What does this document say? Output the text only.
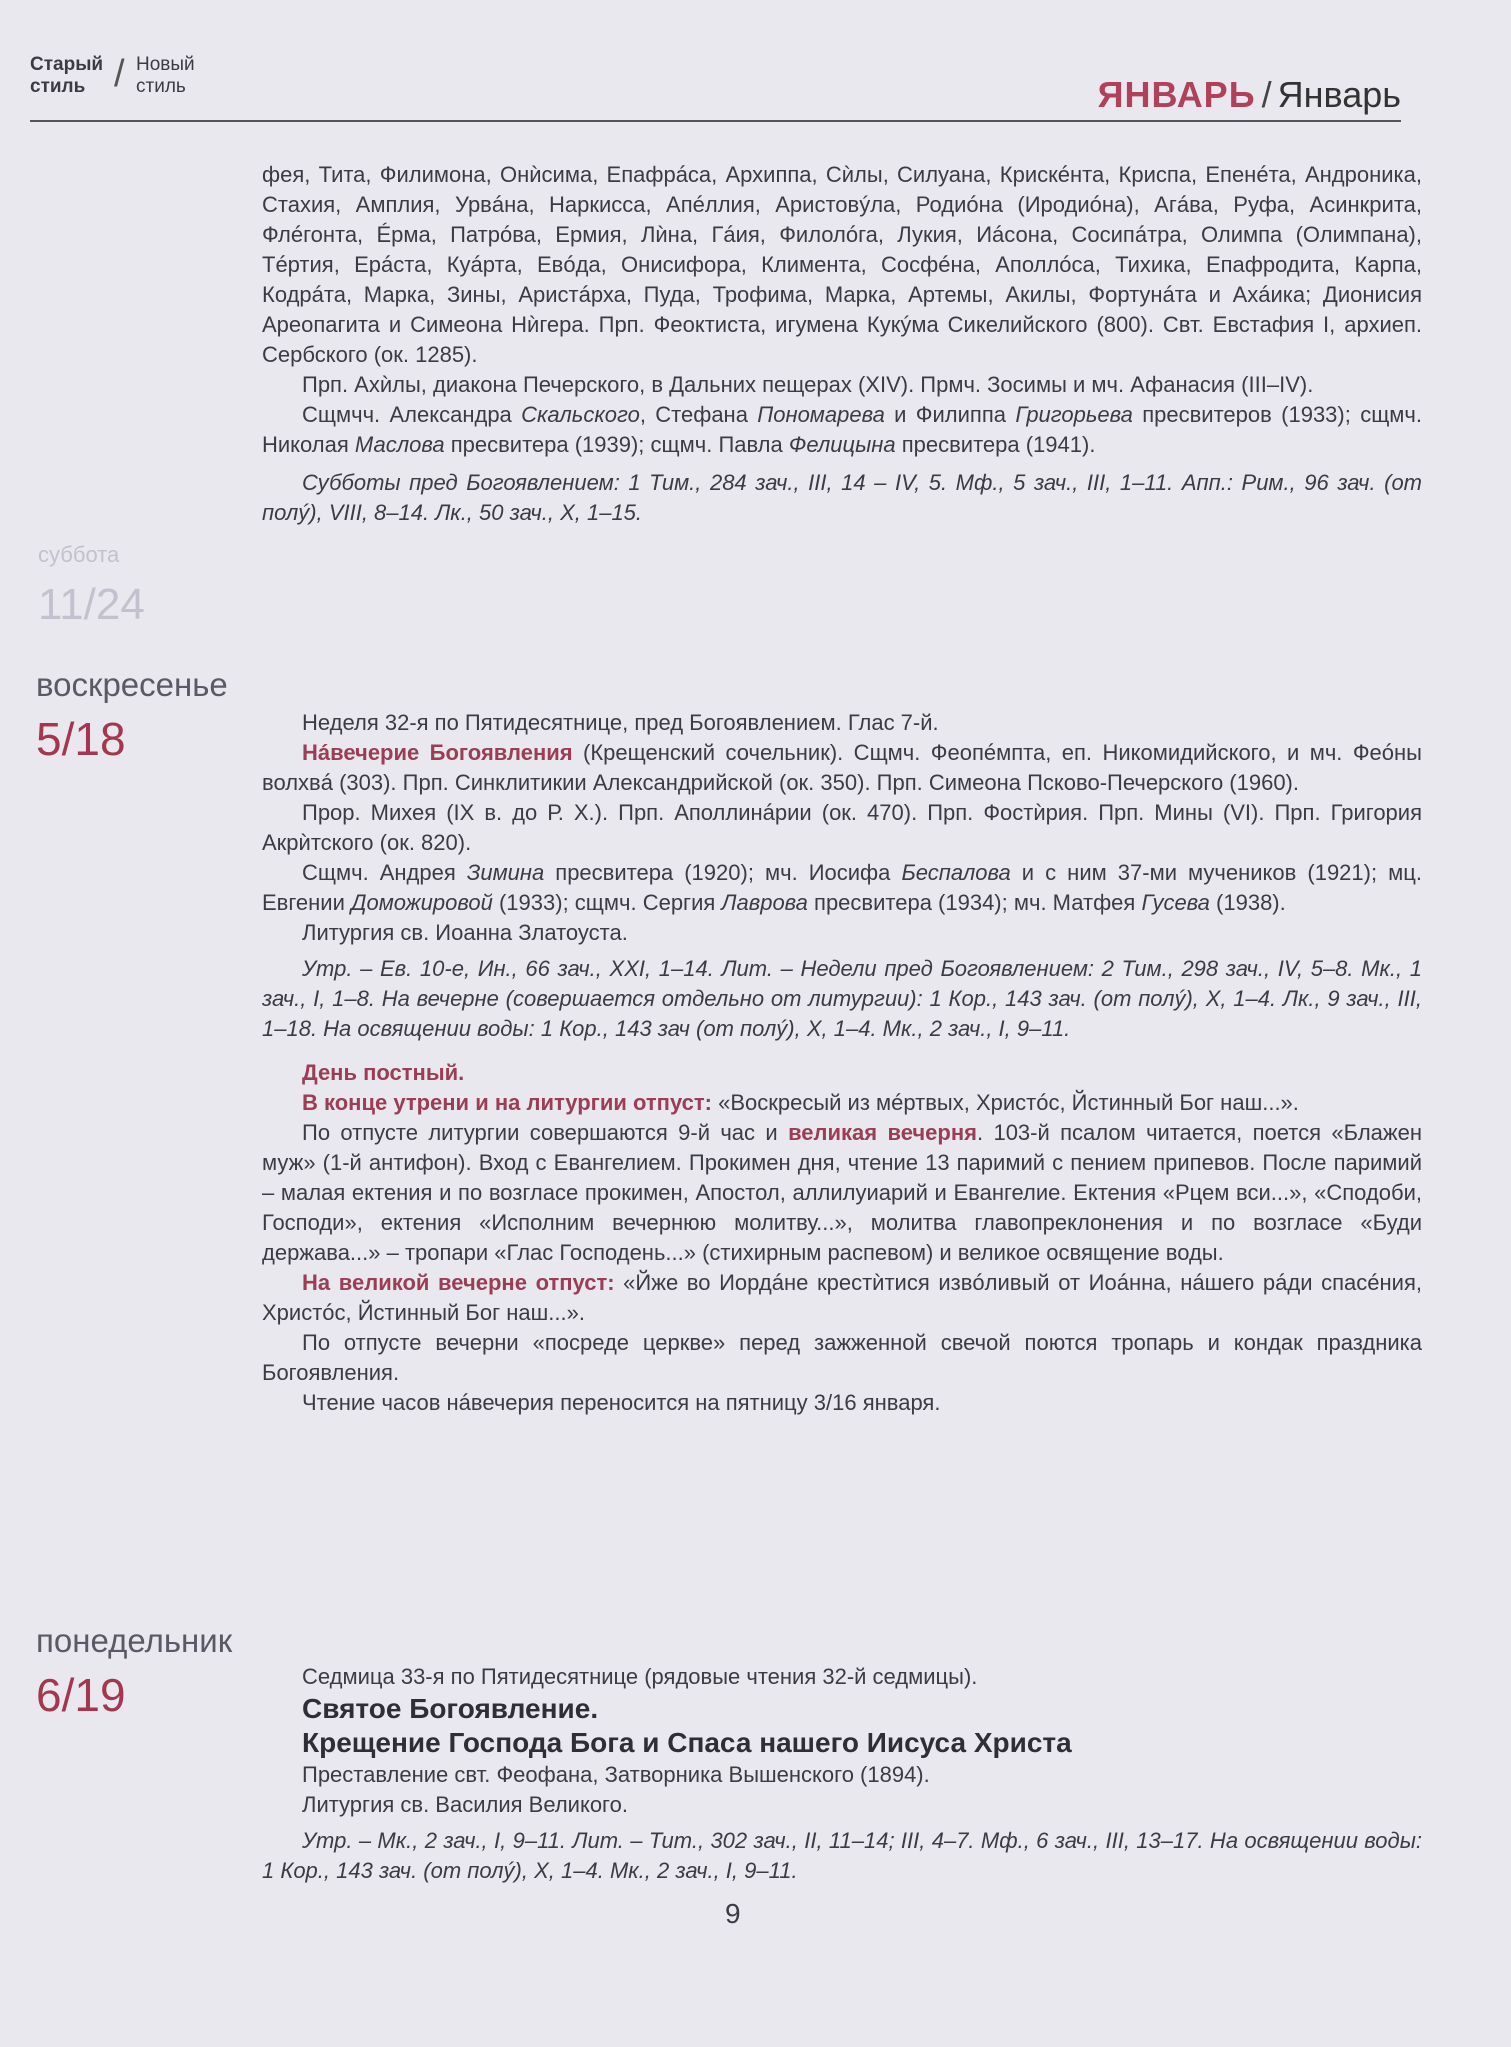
Старый стиль / Новый стиль	ЯНВАРЬ / Январь
суббота
11/24

фея, Тита, Филимона, Онѝсима, Епафрáса, Архиппа, Сѝлы, Силуана, Крискéнта, Криспа, Епенéта, Андроника, Стахия, Амплия, Урвáна, Наркисса, Апéллия, Аристовýла, Родиóна (Иродиóна), Агáва, Руфа, Асинкрита, Флéгонта, Éрма, Патрóва, Ермия, Лѝна, Гáия, Филолóга, Лукия, Иáсона, Сосипáтра, Олимпа (Олимпана), Тéртия, Ерáста, Куáрта, Евóда, Онисифора, Климента, Сосфéна, Аполлóса, Тихика, Епафродита, Карпа, Кодрáта, Марка, Зины, Аристáрха, Пуда, Трофима, Марка, Артемы, Акилы, Фортунáта и Ахáика; Дионисия Ареопагита и Симеона Нѝгера. Прп. Феоктиста, игумена Кукýма Сикелийского (800). Свт. Евстафия I, архиеп. Сербского (ок. 1285).

Прп. Ахѝлы, диакона Печерского, в Дальних пещерах (XIV). Прмч. Зосимы и мч. Афанасия (III–IV).

Сщмчч. Александра Скальского, Стефана Пономарева и Филиппа Григорьева пресвитеров (1933); сщмч. Николая Маслова пресвитера (1939); сщмч. Павла Фелицына пресвитера (1941).

Субботы пред Богоявлением: 1 Тим., 284 зач., III, 14 – IV, 5. Мф., 5 зач., III, 1–11. Апп.: Рим., 96 зач. (от полý), VIII, 8–14. Лк., 50 зач., X, 1–15.

воскресенье
5/18	Неделя 32-я по Пятидесятнице, пред Богоявлением. Глас 7-й.

Нáвечерие Богоявления (Крещенский сочельник). Сщмч. Феопéмпта, еп. Никомидийского, и мч. Феóны волхвá (303). Прп. Синклитикии Александрийской (ок. 350). Прп. Симеона Псково-Печерского (1960).

Прор. Михея (IX в. до Р. Х.). Прп. Аполлинáрии (ок. 470). Прп. Фостѝрия. Прп. Мины (VI). Прп. Григория Акрѝтского (ок. 820).

Сщмч. Андрея Зимина пресвитера (1920); мч. Иосифа Беспалова и с ним 37-ми мучеников (1921); мц. Евгении Доможировой (1933); сщмч. Сергия Лаврова пресвитера (1934); мч. Матфея Гусева (1938).

Литургия св. Иоанна Златоуста.

Утр. – Ев. 10-е, Ин., 66 зач., XXI, 1–14. Лит. – Недели пред Богоявлением: 2 Тим., 298 зач., IV, 5–8. Мк., 1 зач., I, 1–8. На вечерне (совершается отдельно от литургии): 1 Кор., 143 зач. (от полý), X, 1–4. Лк., 9 зач., III, 1–18. На освящении воды: 1 Кор., 143 зач (от полý), X, 1–4. Мк., 2 зач., I, 9–11.

День постный.

В конце утрени и на литургии отпуст: «Воскресый из мéртвых, Христóс, Йстинный Бог наш...».

По отпусте литургии совершаются 9-й час и великая вечерня. 103-й псалом читается, поется «Блажен муж» (1-й антифон). Вход с Евангелием. Прокимен дня, чтение 13 паримий с пением припевов. После паримий – малая ектения и по возгласе прокимен, Апостол, аллилуиарий и Евангелие. Ектения «Рцем вси...», «Сподоби, Господи», ектения «Исполним вечернюю молитву...», молитва главопреклонения и по возгласе «Буди держава...» – тропари «Глас Господень...» (стихирным распевом) и великое освящение воды.

На великой вечерне отпуст: «Йже во Иордáне крестѝтися извóливый от Иоáнна, нáшего рáди спасéния, Христóс, Йстинный Бог наш...».

По отпусте вечерни «посреде церкве» перед зажженной свечой поются тропарь и кондак праздника Богоявления.

Чтение часов нáвечерия переносится на пятницу 3/16 января.

понедельник
6/19	Седмица 33-я по Пятидесятнице (рядовые чтения 32-й седмицы).

Святое Богоявление.

Крещение Господа Бога и Спаса нашего Иисуса Христа

Преставление свт. Феофана, Затворника Вышенского (1894).

Литургия св. Василия Великого.

Утр. – Мк., 2 зач., I, 9–11. Лит. – Тит., 302 зач., II, 11–14; III, 4–7. Мф., 6 зач., III, 13–17. На освящении воды: 1 Кор., 143 зач. (от полý), X, 1–4. Мк., 2 зач., I, 9–11.

9
